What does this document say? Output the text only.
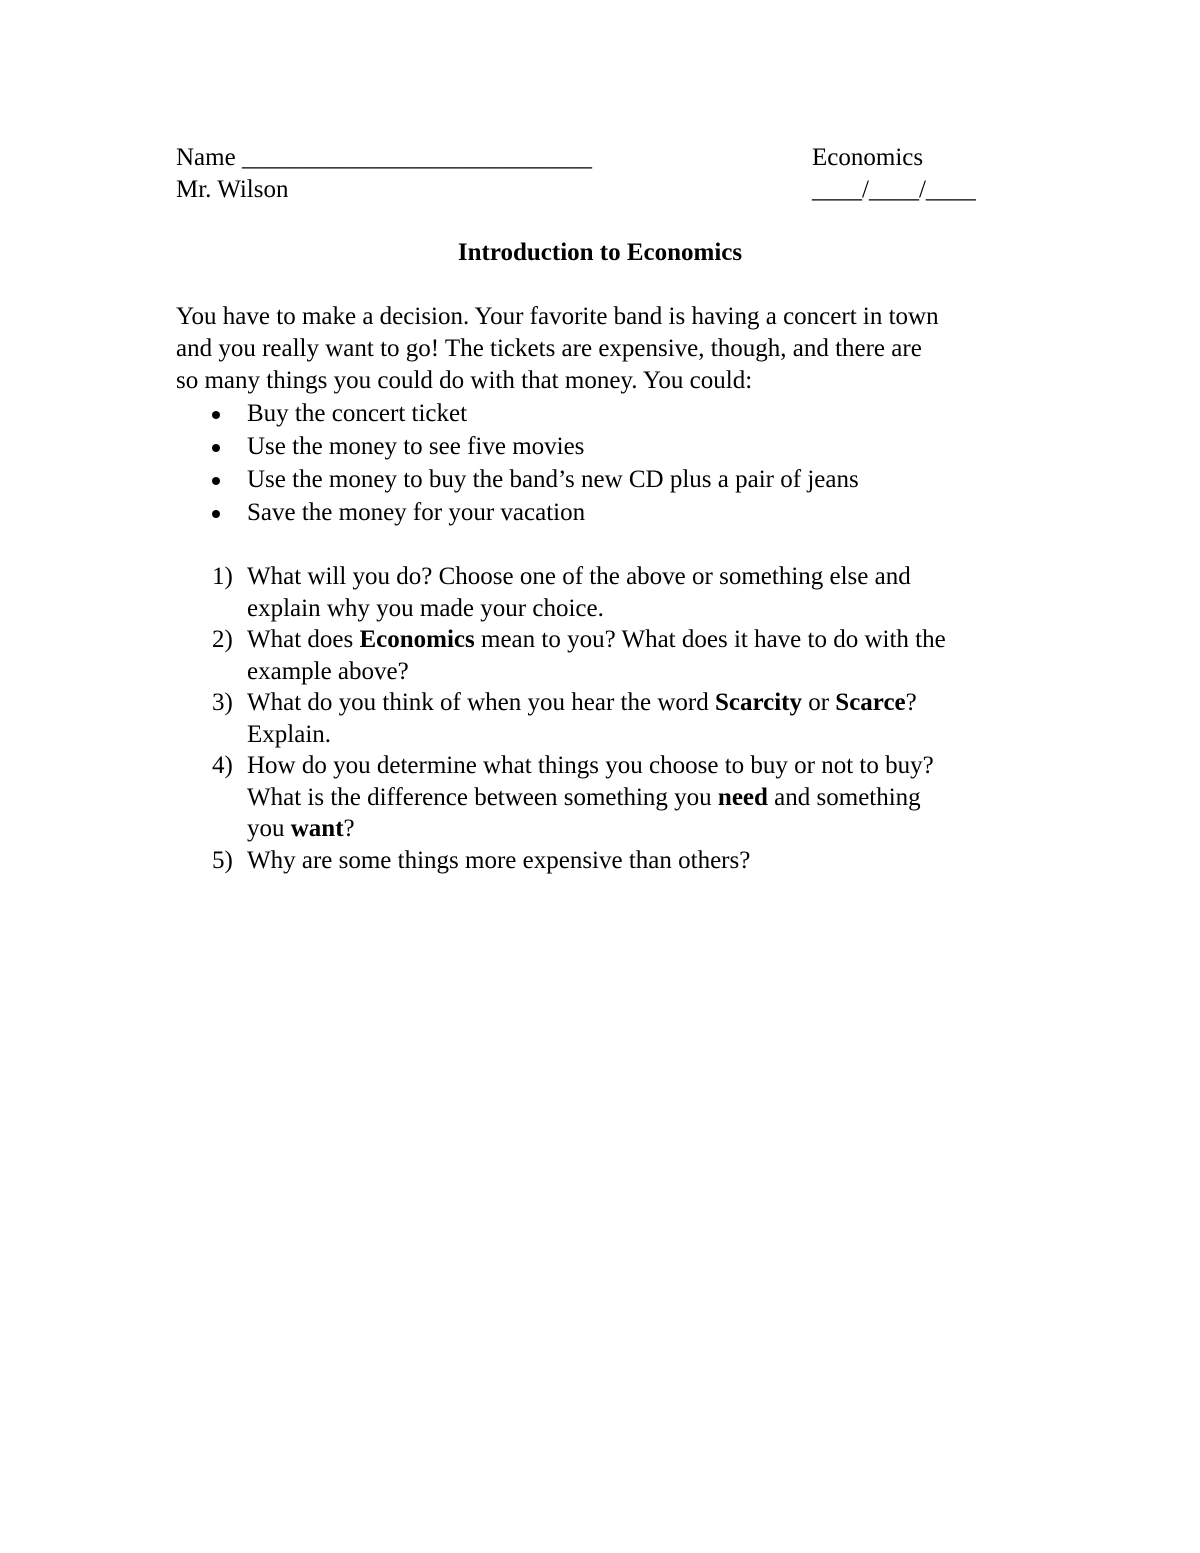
Name ____________________________	Economics
Mr. Wilson	____/____/____
Introduction to Economics

You have to make a decision. Your favorite band is having a concert in town

and you really want to go! The tickets are expensive, though, and there are

so many things you could do with that money. You could:

Buy the concert ticket
Use the money to see five movies
Use the money to buy the band’s new CD plus a pair of jeans
Save the money for your vacation
1) What will you do? Choose one of the above or something else and
explain why you made your choice.
2) What does Economics mean to you? What does it have to do with the
example above?
3) What do you think of when you hear the word Scarcity or Scarce?
Explain.
4) How do you determine what things you choose to buy or not to buy?
What is the difference between something you need and something
you want?
5) Why are some things more expensive than others?
